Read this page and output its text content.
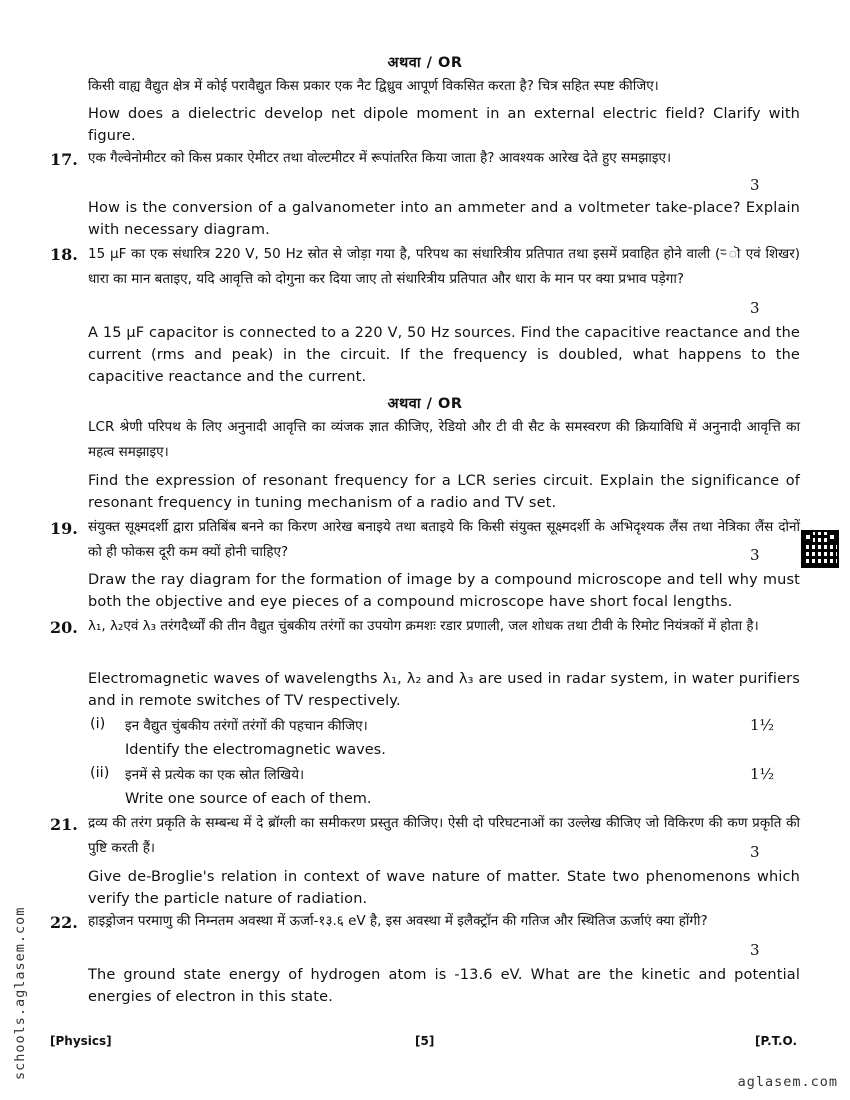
अथवा / OR

किसी वाह्य वैद्युत क्षेत्र में कोई परावैद्युत किस प्रकार एक नैट द्विध्रुव आपूर्ण विकसित करता है? चित्र सहित स्पष्ट कीजिए।

How does a dielectric develop net dipole moment in an external electric field? Clarify with figure.

17. एक गैल्वेनोमीटर को किस प्रकार ऐमीटर तथा वोल्टमीटर में रूपांतरित किया जाता है? आवश्यक आरेख देते हुए समझाइए।

3

How is the conversion of a galvanometer into an ammeter and a voltmeter take-place? Explain with necessary diagram.

18. 15 μF का एक संधारित्र 220 V, 50 Hz स्रोत से जोड़ा गया है, परिपथ का संधारित्रीय प्रतिपात तथा इसमें प्रवाहित होने वाली (र्‍ ॊ एवं शिखर) धारा का मान बताइए, यदि आवृत्ति को दोगुना कर दिया जाए तो संधारित्रीय प्रतिपात और धारा के मान पर क्या प्रभाव पड़ेगा?

3

A 15 μF capacitor is connected to a 220 V, 50 Hz sources. Find the capacitive reactance and the current (rms and peak) in the circuit. If the frequency is doubled, what happens to the capacitive reactance and the current.

अथवा / OR

LCR श्रेणी परिपथ के लिए अनुनादी आवृत्ति का व्यंजक ज्ञात कीजिए, रेडियो और टी वी सैट के समस्वरण की क्रियाविधि में अनुनादी आवृत्ति का महत्व समझाइए।

Find the expression of resonant frequency for a LCR series circuit. Explain the significance of resonant frequency in tuning mechanism of a radio and TV set.

19. संयुक्त सूक्ष्मदर्शी द्वारा प्रतिबिंब बनने का किरण आरेख बनाइये तथा बताइये कि किसी संयुक्त सूक्ष्मदर्शी के अभिदृश्यक लैंस तथा नेत्रिका लैंस दोनों को ही फोकस दूरी कम क्यों होनी चाहिए?	3

Draw the ray diagram for the formation of image by a compound microscope and tell why must both the objective and eye pieces of a compound microscope have short focal lengths.

20. λ₁, λ₂एवं λ₃ तरंगदैर्ध्यों की तीन वैद्युत चुंबकीय तरंगों का उपयोग क्रमशः रडार प्रणाली, जल शोधक तथा टीवी के रिमोट नियंत्रकों में होता है।

Electromagnetic waves of wavelengths λ₁, λ₂ and λ₃ are used in radar system, in water purifiers and in remote switches of TV respectively.

(i) इन वैद्युत चुंबकीय तरंगों तरंगों की पहचान कीजिए।	1½
Identify the electromagnetic waves.
(ii) इनमें से प्रत्येक का एक स्रोत लिखिये।	1½
Write one source of each of them.
21. द्रव्य की तरंग प्रकृति के सम्बन्ध में दे ब्रॉग्ली का समीकरण प्रस्तुत कीजिए। ऐसी दो परिघटनाओं का उल्लेख कीजिए जो विकिरण की कण प्रकृति की पुष्टि करती हैं।	3

Give de-Broglie's relation in context of wave nature of matter. State two phenomenons which verify the particle nature of radiation.

22. हाइड्रोजन परमाणु की निम्नतम अवस्था में ऊर्जा-१३.६ eV है, इस अवस्था में इलैक्ट्रॉन की गतिज और स्थितिज ऊर्जाएं क्या होंगी?

3

The ground state energy of hydrogen atom is -13.6 eV. What are the kinetic and potential energies of electron in this state.

[Physics]	[5]	[P.T.O.
schools.aglasem.com
aglasem.com
